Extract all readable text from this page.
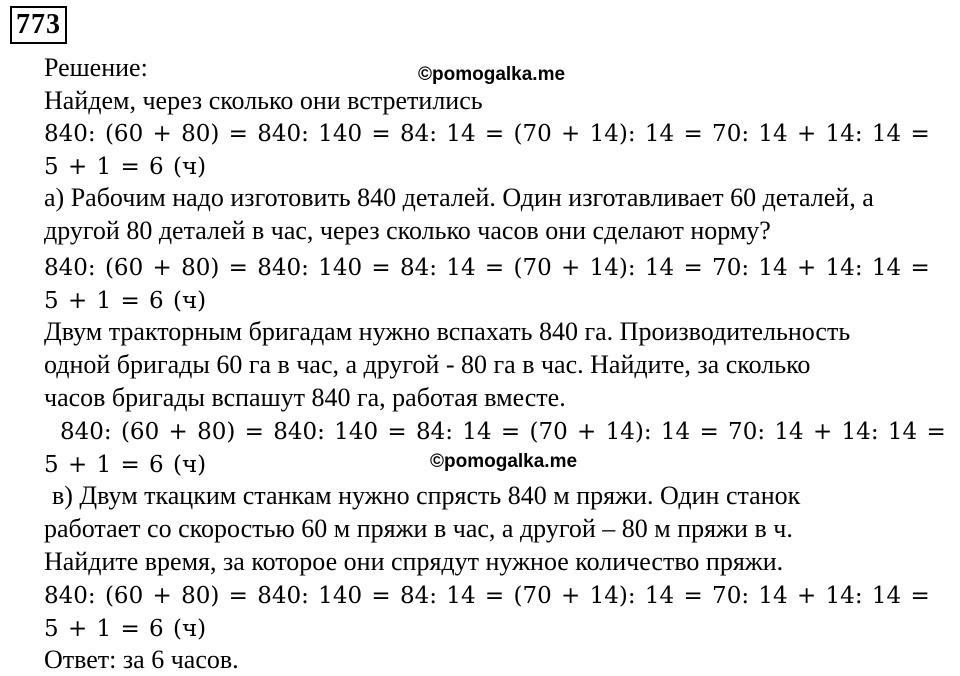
773
©pomogalka.me
©pomogalka.me
Решение:
Найдем, через сколько они встретились
840: (60 + 80) = 840: 140 = 84: 14 = (70 + 14): 14 = 70: 14 + 14: 14 =
5 + 1 = 6 (ч)
а) Рабочим надо изготовить 840 деталей. Один изготавливает 60 деталей, а
другой 80 деталей в час, через сколько часов они сделают норму?
840: (60 + 80) = 840: 140 = 84: 14 = (70 + 14): 14 = 70: 14 + 14: 14 =
5 + 1 = 6 (ч)
Двум тракторным бригадам нужно вспахать 840 га. Производительность
одной бригады 60 га в час, а другой - 80 га в час. Найдите, за сколько
часов бригады вспашут 840 га, работая вместе.
840: (60 + 80) = 840: 140 = 84: 14 = (70 + 14): 14 = 70: 14 + 14: 14 =
5 + 1 = 6 (ч)
в) Двум ткацким станкам нужно спрясть 840 м пряжи. Один станок
работает со скоростью 60 м пряжи в час, а другой – 80 м пряжи в ч.
Найдите время, за которое они спрядут нужное количество пряжи.
840: (60 + 80) = 840: 140 = 84: 14 = (70 + 14): 14 = 70: 14 + 14: 14 =
5 + 1 = 6 (ч)
Ответ: за 6 часов.
